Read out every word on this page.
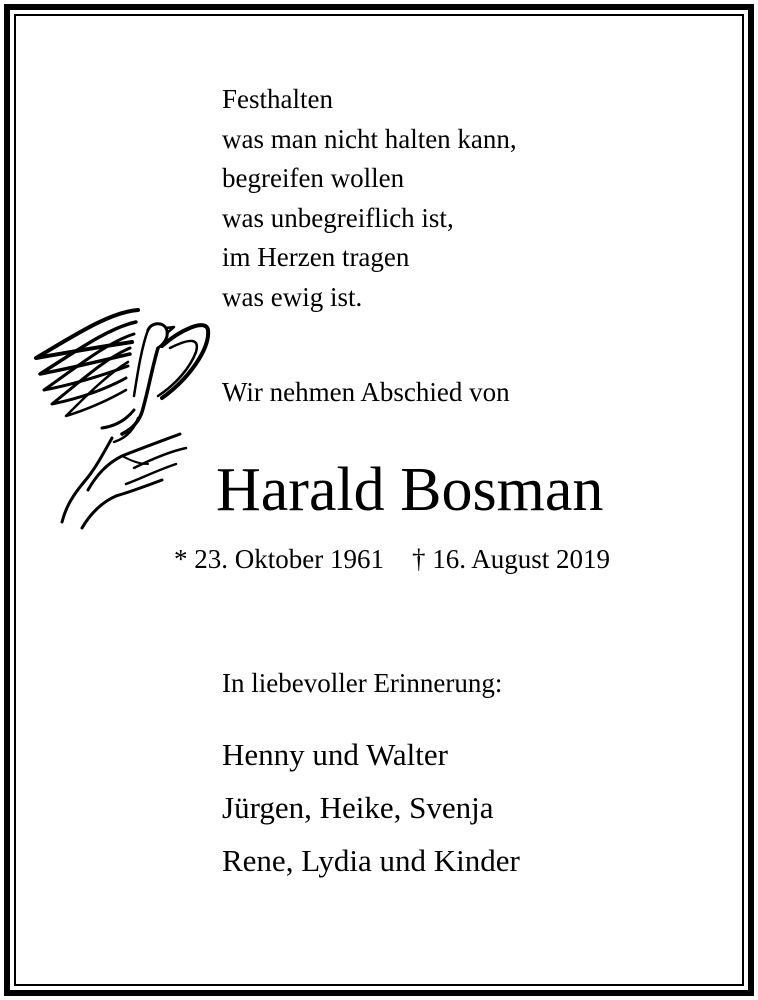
Festhalten
was man nicht halten kann,
begreifen wollen
was unbegreiflich ist,
im Herzen tragen
was ewig ist.
Wir nehmen Abschied von
Harald Bosman
* 23. Oktober 1961 † 16. August 2019
In liebevoller Erinnerung:
Henny und Walter
Jürgen, Heike, Svenja
Rene, Lydia und Kinder
